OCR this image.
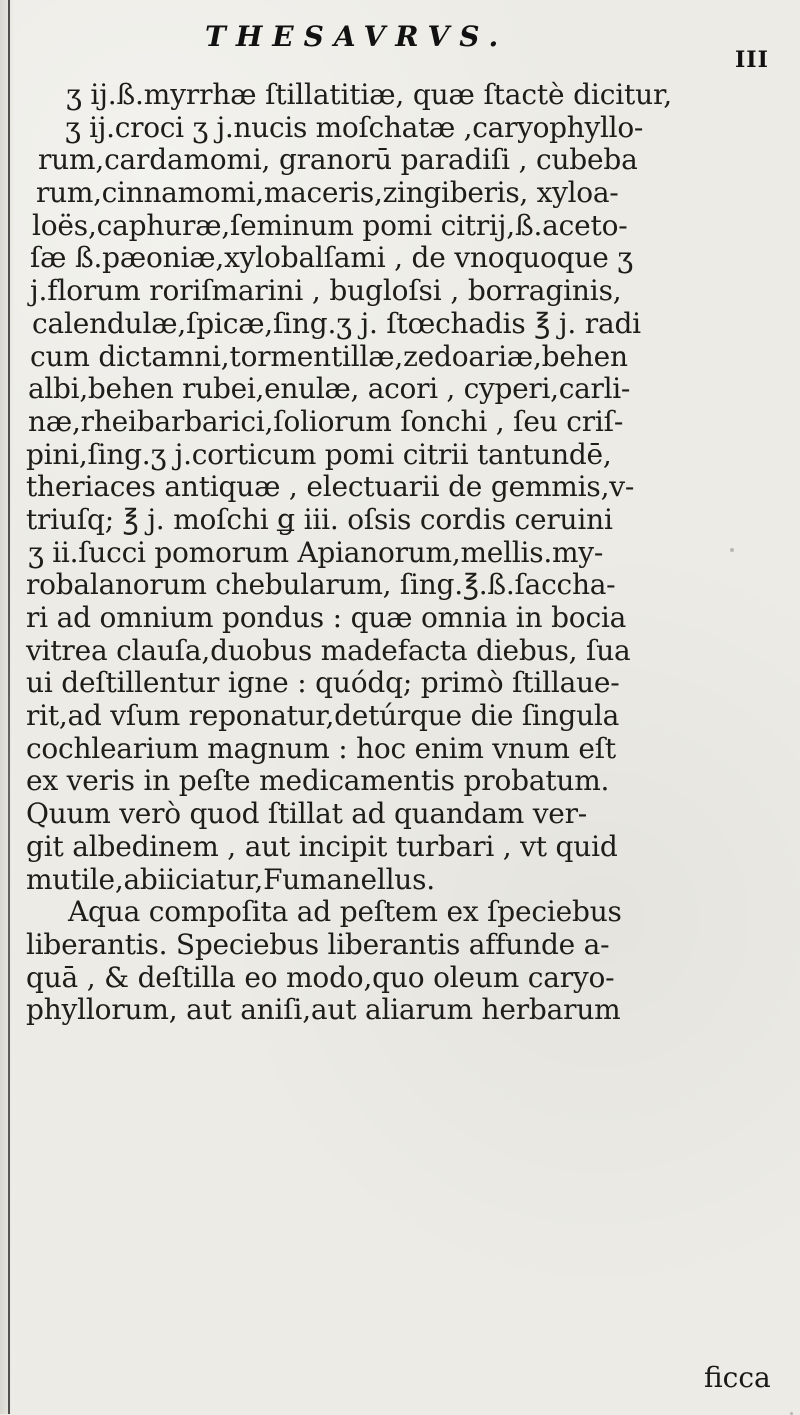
THESAVRVS.
III
ʒ ij.ß.myrrhæ ſtillatitiæ, quæ ſtactè dicitur,
ʒ ij.croci ʒ j.nucis moſchatæ ,caryophyllo-
rum,cardamomi, granorū paradiſi , cubeba
rum,cinnamomi,maceris,zingiberis, xyloa-
loës,caphuræ,ſeminum pomi citrij,ß.aceto-
ſæ ß.pæoniæ,xylobalſami , de vnoquoque ʒ
j.florum roriſmarini , bugloſsi , borraginis,
calendulæ,ſpicæ,ſing.ʒ j. ſtœchadis ℥ j. radi
cum dictamni,tormentillæ,zedoariæ,behen
albi,behen rubei,enulæ, acori , cyperi,carli-
næ,rheibarbarici,ſoliorum ſonchi , ſeu criſ-
pini,ſing.ʒ j.corticum pomi citrii tantundē,
theriaces antiquæ , electuarii de gemmis,v-
triuſq; ℥ j. moſchi ǥ iii. oſsis cordis ceruini
ʒ ii.ſucci pomorum Apianorum,mellis.my-
robalanorum chebularum, ſing.℥.ß.ſaccha-
ri ad omnium pondus : quæ omnia in bocia
vitrea clauſa,duobus madefacta diebus, ſua
ui deſtillentur igne : quódq; primò ſtillaue-
rit,ad vſum reponatur,detúrque die ſingula
cochlearium magnum : hoc enim vnum eſt
ex veris in peſte medicamentis probatum.
Quum verò quod ſtillat ad quandam ver-
git albedinem , aut incipit turbari , vt quid
mutile,abiiciatur,Fumanellus.
Aqua compoſita ad peſtem ex ſpeciebus
liberantis. Speciebus liberantis affunde a-
quā , & deſtilla eo modo,quo oleum caryo-
phyllorum, aut aniſi,aut aliarum herbarum
ficca
